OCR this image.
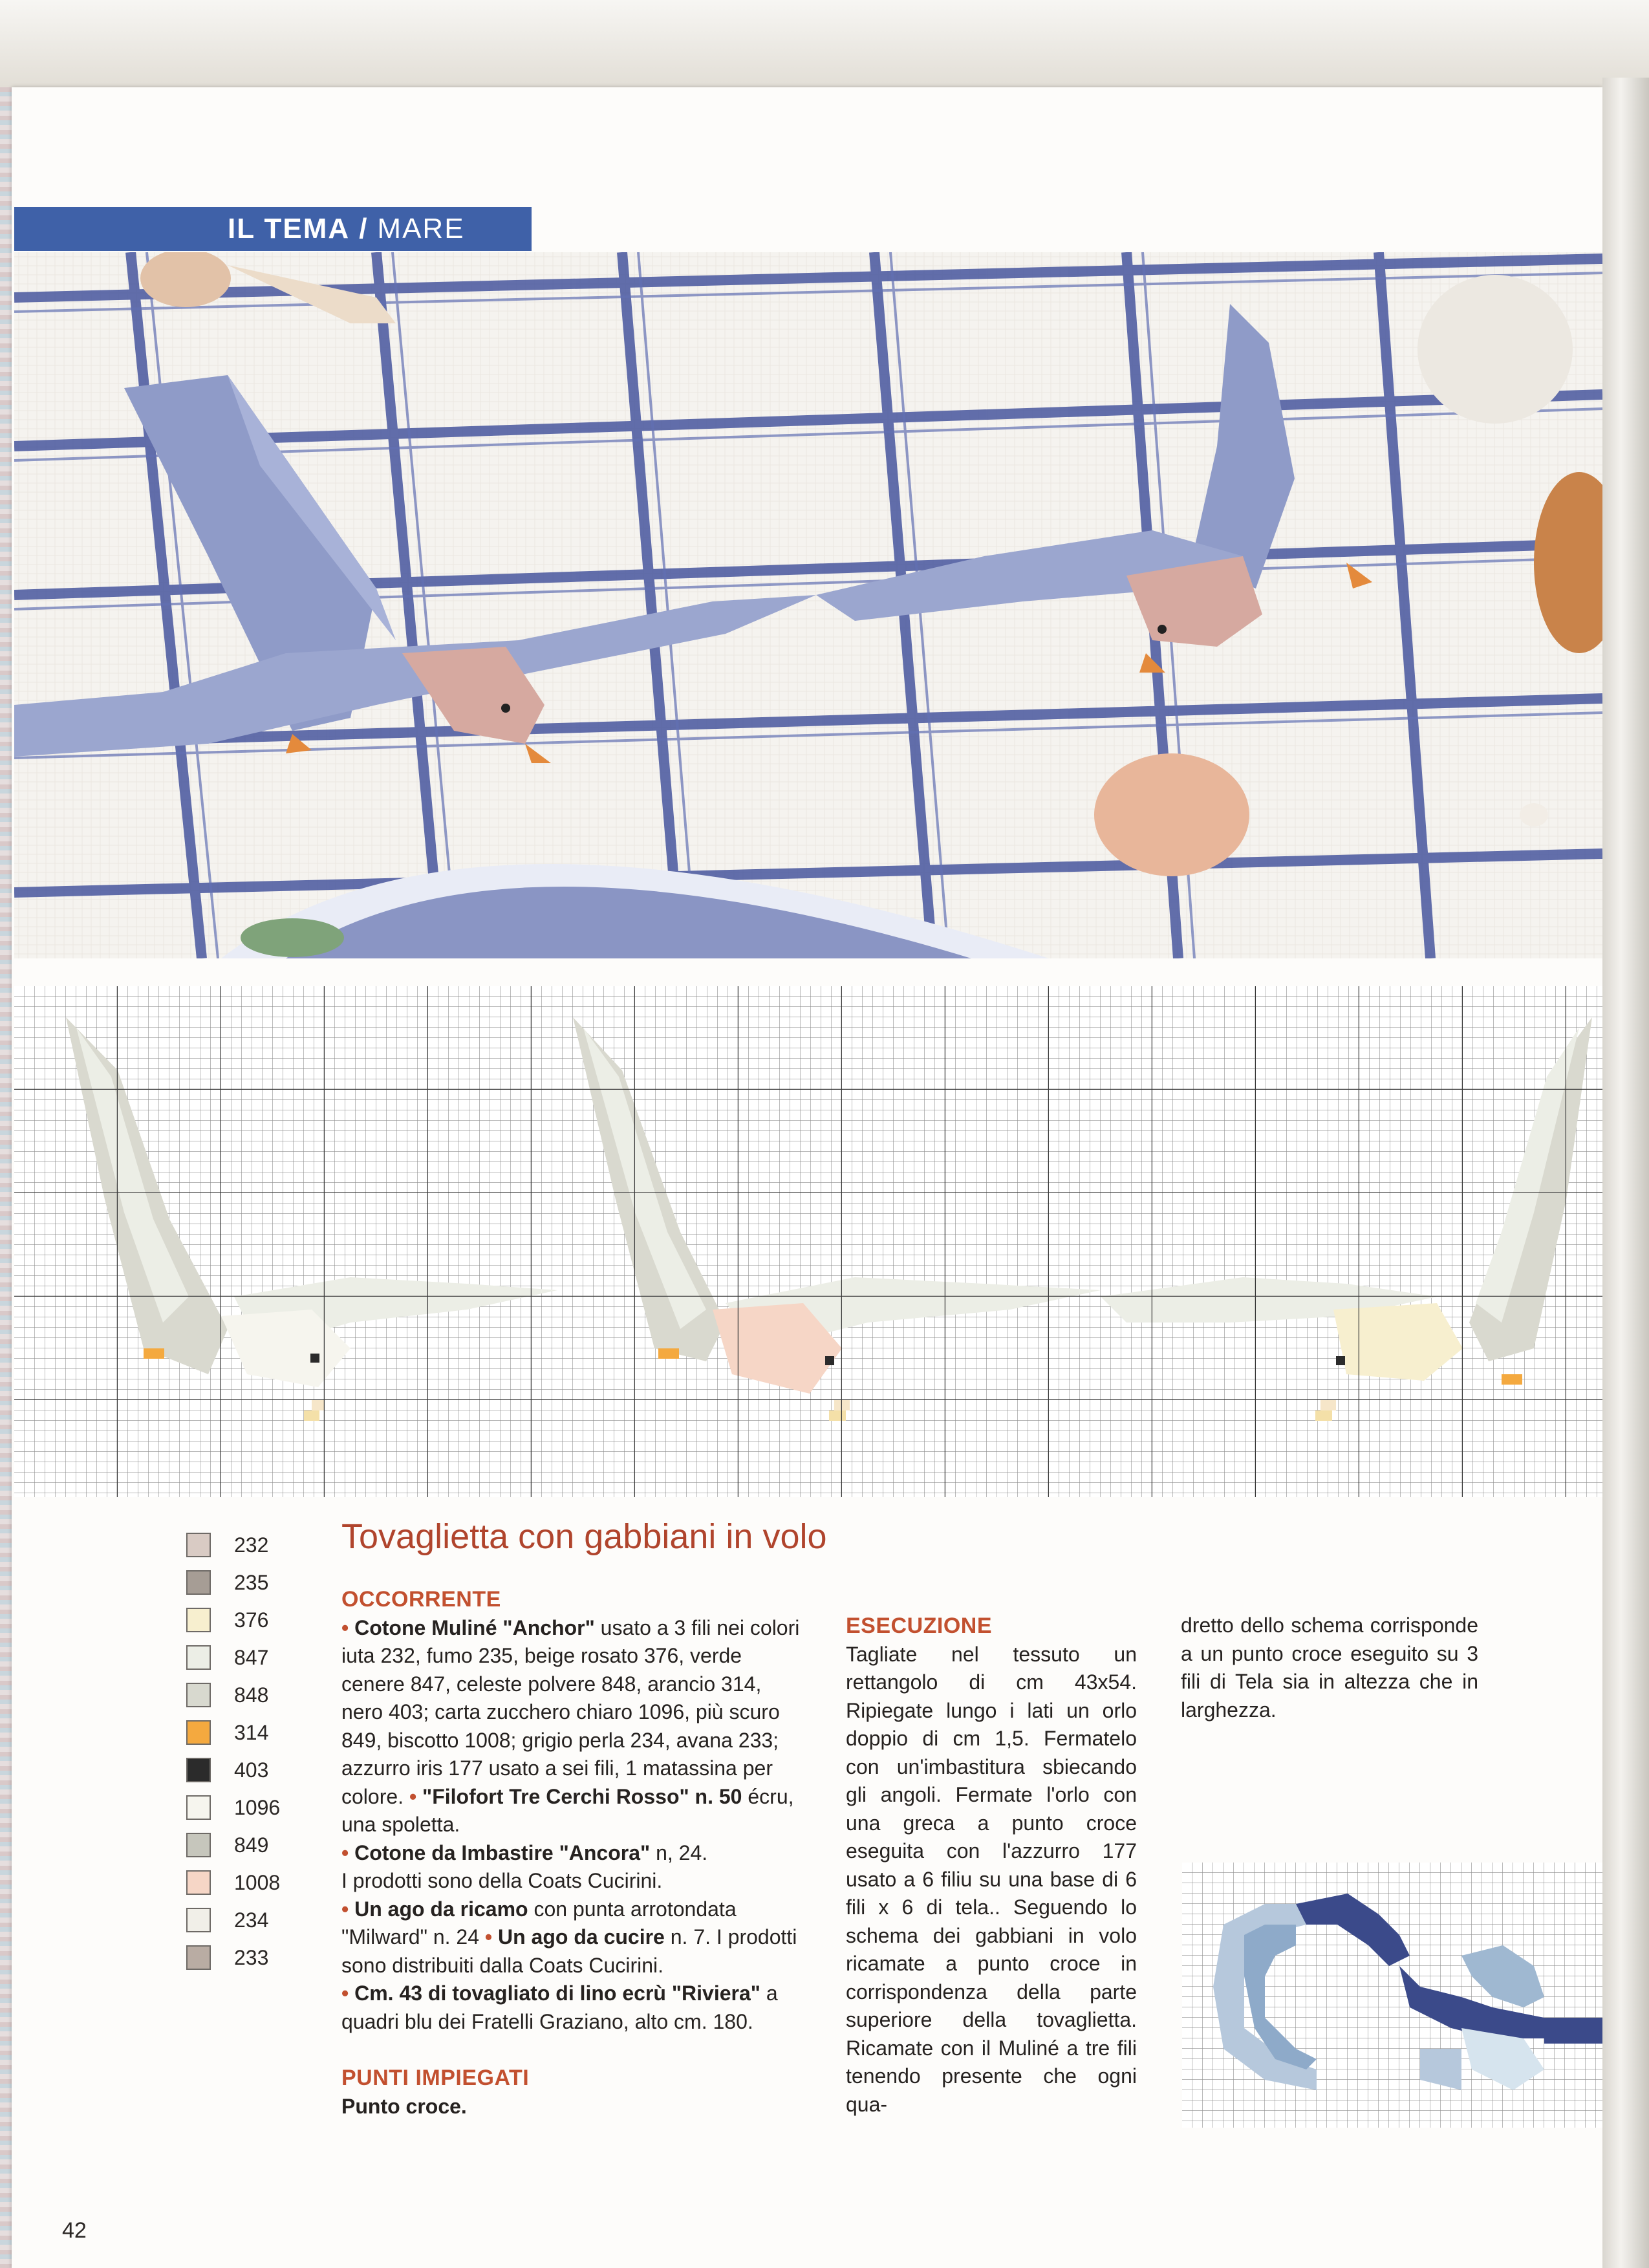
IL TEMA / MARE
232
235
376
847
848
314
403
1096
849
1008
234
233
Tovaglietta con gabbiani in volo
OCCORRENTE

• Cotone Muliné "Anchor" usato a 3 fili nei colori iuta 232, fumo 235, beige rosato 376, verde cenere 847, celeste polvere 848, arancio 314, nero 403; carta zucchero chiaro 1096, più scuro 849, biscotto 1008; grigio perla 234, avana 233; azzurro iris 177 usato a sei fili, 1 matassina per colore. • "Filofort Tre Cerchi Rosso" n. 50 écru, una spoletta.

• Cotone da Imbastire "Ancora" n, 24.

I prodotti sono della Coats Cucirini.

• Un ago da ricamo con punta arrotondata "Milward" n. 24 • Un ago da cucire n. 7. I prodotti sono distribuiti dalla Coats Cucirini.

• Cm. 43 di tovagliato di lino ecrù "Riviera" a quadri blu dei Fratelli Graziano, alto cm. 180.

PUNTI IMPIEGATI

Punto croce.

ESECUZIONE

Tagliate nel tessuto un rettangolo di cm 43x54. Ripiegate lungo i lati un orlo doppio di cm 1,5. Fermatelo con un'imbastitura sbiecando gli angoli. Fermate l'orlo con una greca a punto croce eseguita con l'azzurro 177 usato a 6 filiu su una base di 6 fili x 6 di tela.. Seguendo lo schema dei gabbiani in volo ricamate a punto croce in corrispondenza della parte superiore della tovaglietta. Ricamate con il Muliné a tre fili tenendo presente che ogni qua-

dretto dello schema corrisponde a un punto croce eseguito su 3 fili di Tela sia in altezza che in larghezza.

42
